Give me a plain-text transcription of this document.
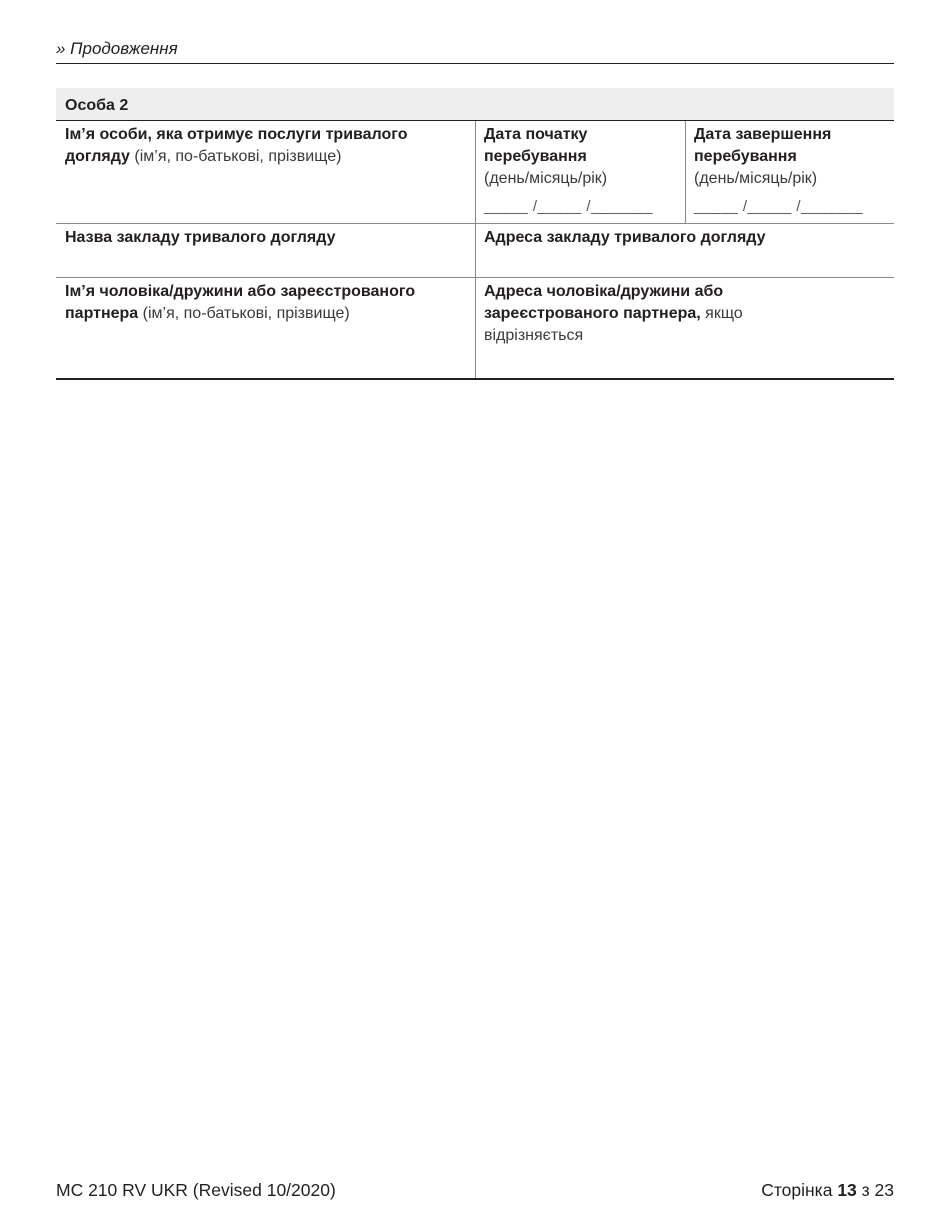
» Продовження
Особа 2
Ім’я особи, яка отримує послуги тривалого догляду (ім’я, по-батькові, прізвище)
Дата початку перебування
(день/місяць/рік)
_____ /_____ /_______
Дата завершення перебування
(день/місяць/рік)
_____ /_____ /_______
Назва закладу тривалого догляду	Адреса закладу тривалого догляду
Ім’я чоловіка/дружини або зареєстрованого партнера (ім’я, по-батькові, прізвище)
Адреса чоловіка/дружини або зареєстрованого партнера, якщо відрізняється
MC 210 RV UKR (Revised 10/2020)	Сторінка 13 з 23
